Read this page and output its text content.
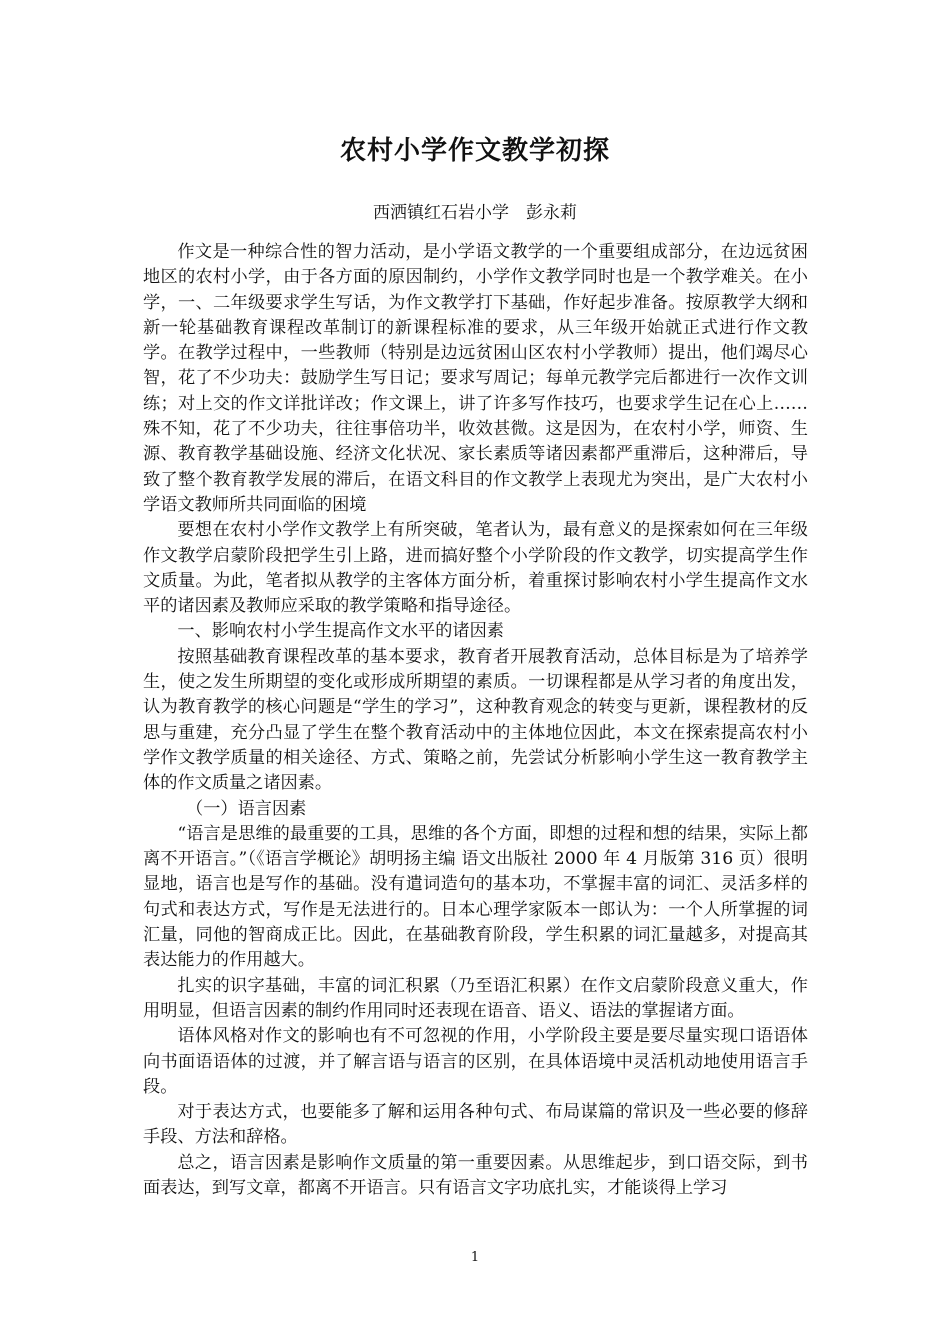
农村小学作文教学初探

西洒镇红石岩小学　彭永莉

作文是一种综合性的智力活动，是小学语文教学的一个重要组成部分，在边远贫困地区的农村小学，由于各方面的原因制约，小学作文教学同时也是一个教学难关。在小学，一、二年级要求学生写话，为作文教学打下基础，作好起步准备。按原教学大纲和新一轮基础教育课程改革制订的新课程标准的要求，从三年级开始就正式进行作文教学。在教学过程中，一些教师（特别是边远贫困山区农村小学教师）提出，他们竭尽心智，花了不少功夫：鼓励学生写日记；要求写周记；每单元教学完后都进行一次作文训练；对上交的作文详批详改；作文课上，讲了许多写作技巧，也要求学生记在心上……殊不知，花了不少功夫，往往事倍功半，收效甚微。这是因为，在农村小学，师资、生源、教育教学基础设施、经济文化状况、家长素质等诸因素都严重滞后，这种滞后，导致了整个教育教学发展的滞后，在语文科目的作文教学上表现尤为突出，是广大农村小学语文教师所共同面临的困境

要想在农村小学作文教学上有所突破，笔者认为，最有意义的是探索如何在三年级作文教学启蒙阶段把学生引上路，进而搞好整个小学阶段的作文教学，切实提高学生作文质量。为此，笔者拟从教学的主客体方面分析，着重探讨影响农村小学生提高作文水平的诸因素及教师应采取的教学策略和指导途径。

一、影响农村小学生提高作文水平的诸因素

按照基础教育课程改革的基本要求，教育者开展教育活动，总体目标是为了培养学生，使之发生所期望的变化或形成所期望的素质。一切课程都是从学习者的角度出发，认为教育教学的核心问题是“学生的学习”，这种教育观念的转变与更新，课程教材的反思与重建，充分凸显了学生在整个教育活动中的主体地位因此，本文在探索提高农村小学作文教学质量的相关途径、方式、策略之前，先尝试分析影响小学生这一教育教学主体的作文质量之诸因素。

（一）语言因素

“语言是思维的最重要的工具，思维的各个方面，即想的过程和想的结果，实际上都离不开语言。”（《语言学概论》胡明扬主编 语文出版社 2000 年 4 月版第 316 页）很明显地，语言也是写作的基础。没有遣词造句的基本功，不掌握丰富的词汇、灵活多样的句式和表达方式，写作是无法进行的。日本心理学家阪本一郎认为：一个人所掌握的词汇量，同他的智商成正比。因此，在基础教育阶段，学生积累的词汇量越多，对提高其表达能力的作用越大。

扎实的识字基础，丰富的词汇积累（乃至语汇积累）在作文启蒙阶段意义重大，作用明显，但语言因素的制约作用同时还表现在语音、语义、语法的掌握诸方面。

语体风格对作文的影响也有不可忽视的作用，小学阶段主要是要尽量实现口语语体向书面语语体的过渡，并了解言语与语言的区别，在具体语境中灵活机动地使用语言手段。

对于表达方式，也要能多了解和运用各种句式、布局谋篇的常识及一些必要的修辞手段、方法和辞格。

总之，语言因素是影响作文质量的第一重要因素。从思维起步，到口语交际，到书面表达，到写文章，都离不开语言。只有语言文字功底扎实，才能谈得上学习

1
